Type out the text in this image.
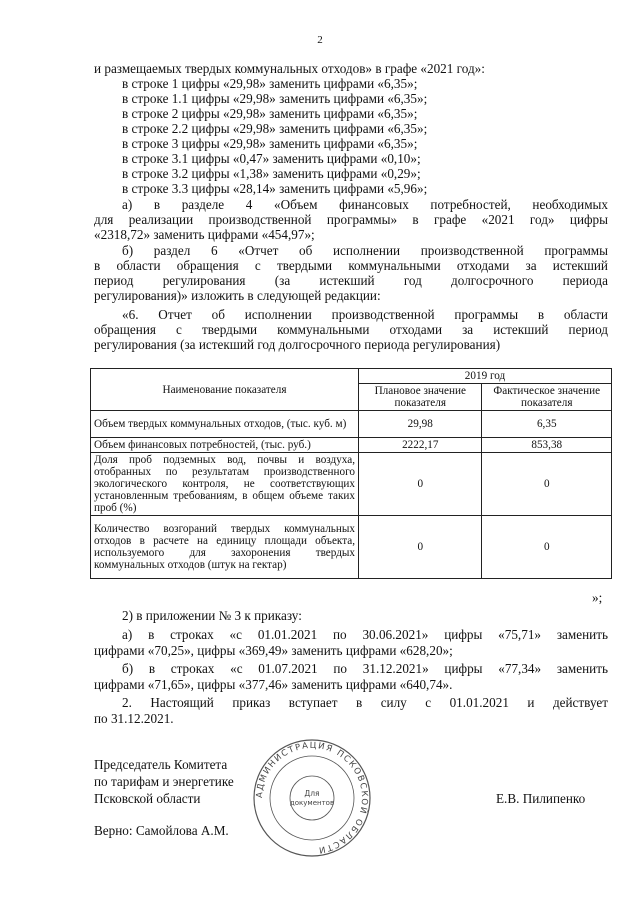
2
и размещаемых твердых коммунальных отходов» в графе «2021 год»:
в строке 1 цифры «29,98» заменить цифрами «6,35»;
в строке 1.1 цифры «29,98» заменить цифрами «6,35»;
в строке 2 цифры «29,98» заменить цифрами «6,35»;
в строке 2.2 цифры «29,98» заменить цифрами «6,35»;
в строке 3 цифры «29,98» заменить цифрами «6,35»;
в строке 3.1 цифры «0,47» заменить цифрами «0,10»;
в строке 3.2 цифры «1,38» заменить цифрами «0,29»;
в строке 3.3 цифры «28,14» заменить цифрами «5,96»;
а) в разделе 4 «Объем финансовых потребностей, необходимых
для реализации производственной программы» в графе «2021 год» цифры
«2318,72» заменить цифрами «454,97»;
б) раздел 6 «Отчет об исполнении производственной программы
в области обращения с твердыми коммунальными отходами за истекший
период регулирования (за истекший год долгосрочного периода
регулирования)» изложить в следующей редакции:
«6. Отчет об исполнении производственной программы в области
обращения с твердыми коммунальными отходами за истекший период
регулирования (за истекший год долгосрочного периода регулирования)
Наименование показателя	2019 год	
	Плановое значение показателя	Фактическое значение показателя
Объем твердых коммунальных отходов, (тыс. куб. м)	29,98	6,35
Объем финансовых потребностей, (тыс. руб.)	2222,17	853,38
Доля проб подземных вод, почвы и воздуха, отобранных по результатам производственного экологического контроля, не соответствующих установленным требованиям, в общем объеме таких проб (%)	0	0
Количество возгораний твердых коммунальных отходов в расчете на единицу площади объекта, используемого для захоронения твердых коммунальных отходов (штук на гектар)	0	0
»;
2) в приложении № 3 к приказу:
а) в строках «с 01.01.2021 по 30.06.2021» цифры «75,71» заменить
цифрами «70,25», цифры «369,49» заменить цифрами «628,20»;
б) в строках «с 01.07.2021 по 31.12.2021» цифры «77,34» заменить
цифрами «71,65», цифры «377,46» заменить цифрами «640,74».
2. Настоящий приказ вступает в силу с 01.01.2021 и действует
по 31.12.2021.
Председатель Комитета
по тарифам и энергетике
Псковской области	Е.В. Пилипенко
Верно: Самойлова А.М.
АДМИНИСТРАЦИЯ ПСКОВСКОЙ ОБЛАСТИ
Для
документов
